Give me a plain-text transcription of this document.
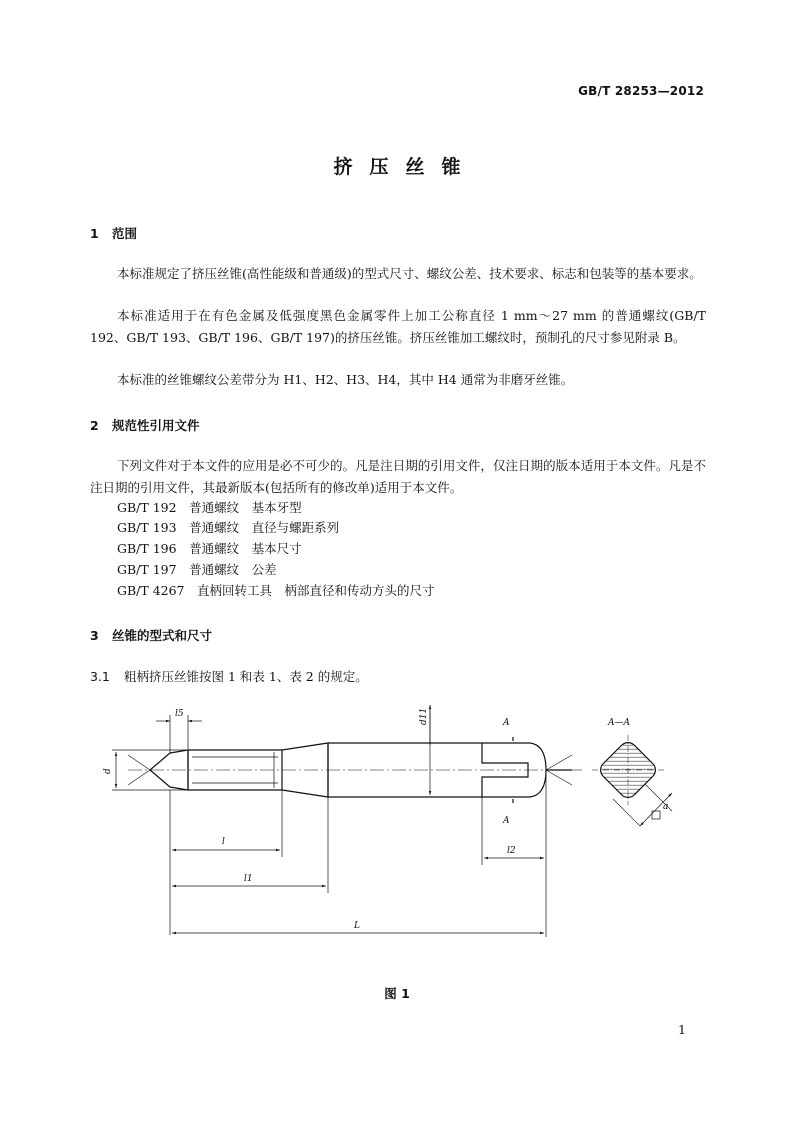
GB/T 28253—2012
挤压丝锥
1 范围
本标准规定了挤压丝锥(高性能级和普通级)的型式尺寸、螺纹公差、技术要求、标志和包装等的基本要求。
本标准适用于在有色金属及低强度黑色金属零件上加工公称直径 1 mm～27 mm 的普通螺纹(GB/T 192、GB/T 193、GB/T 196、GB/T 197)的挤压丝锥。挤压丝锥加工螺纹时，预制孔的尺寸参见附录 B。
本标准的丝锥螺纹公差带分为 H1、H2、H3、H4，其中 H4 通常为非磨牙丝锥。
2 规范性引用文件
下列文件对于本文件的应用是必不可少的。凡是注日期的引用文件，仅注日期的版本适用于本文件。凡是不注日期的引用文件，其最新版本(包括所有的修改单)适用于本文件。
GB/T 192　 普通螺纹　基本牙型
GB/T 193　 普通螺纹　直径与螺距系列
GB/T 196　 普通螺纹　基本尺寸
GB/T 197　 普通螺纹　公差
GB/T 4267　 直柄回转工具　柄部直径和传动方头的尺寸
3 丝锥的型式和尺寸
3.1 粗柄挤压丝锥按图 1 和表 1、表 2 的规定。
d
l5	d11	A
A
l
l1
l2
L
A—A
a
图 1
1
